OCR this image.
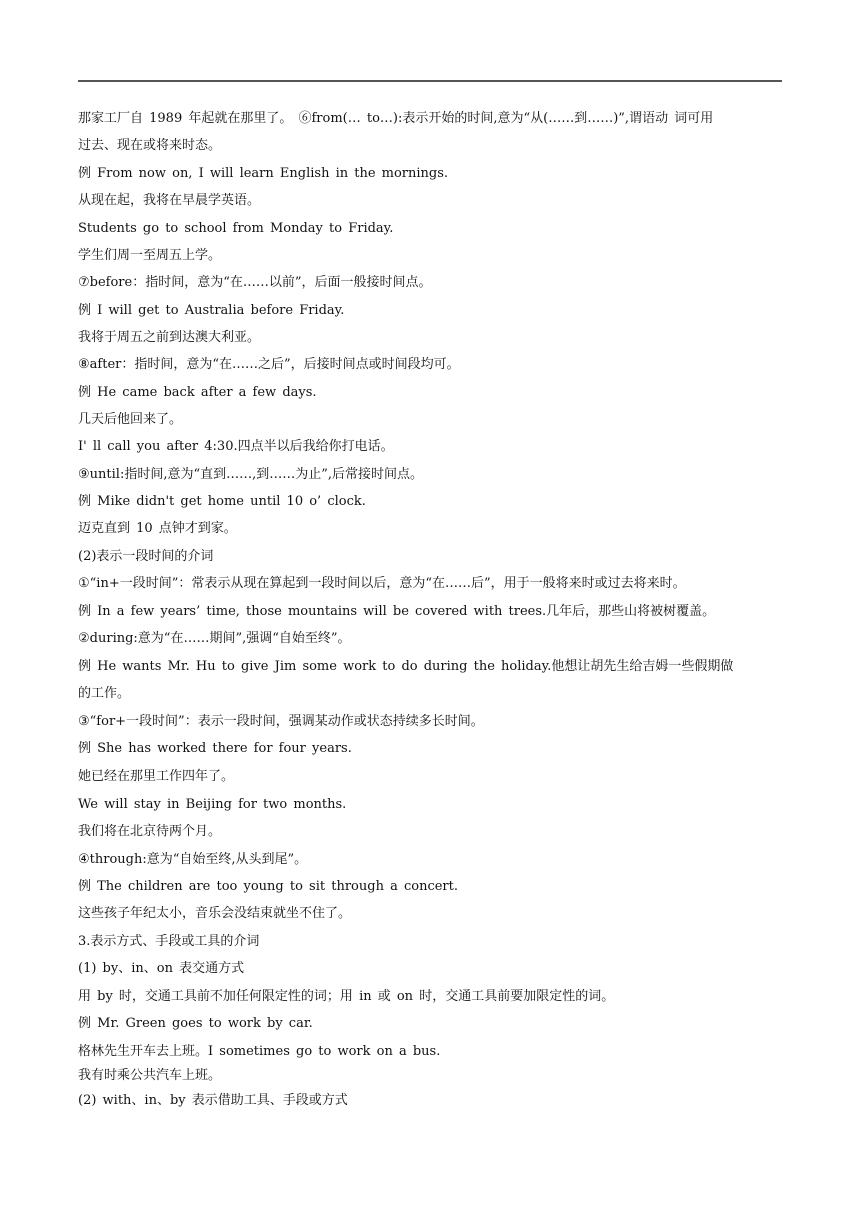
那家工厂自 1989 年起就在那里了。 ⑥from(… to…):表示开始的时间,意为“从(……到……)”,谓语动 词可用
过去、现在或将来时态。
例 From now on, I will learn English in the mornings.
从现在起，我将在早晨学英语。
Students go to school from Monday to Friday.
学生们周一至周五上学。
⑦before：指时间，意为“在……以前”，后面一般接时间点。
例 I will get to Australia before Friday.
我将于周五之前到达澳大利亚。
⑧after：指时间，意为“在……之后”，后接时间点或时间段均可。
例 He came back after a few days.
几天后他回来了。
I' ll call you after 4:30.四点半以后我给你打电话。
⑨until:指时间,意为“直到……,到……为止”,后常接时间点。
例 Mike didn't get home until 10 o’ clock.
迈克直到 10 点钟才到家。
(2)表示一段时间的介词
①“in+一段时间”：常表示从现在算起到一段时间以后，意为“在……后”，用于一般将来时或过去将来时。
例 In a few years’ time, those mountains will be covered with trees.几年后，那些山将被树覆盖。
②during:意为“在……期间”,强调“自始至终”。
例 He wants Mr. Hu to give Jim some work to do during the holiday.他想让胡先生给吉姆一些假期做
的工作。
③“for+一段时间”：表示一段时间，强调某动作或状态持续多长时间。
例 She has worked there for four years.
她已经在那里工作四年了。
We will stay in Beijing for two months.
我们将在北京待两个月。
④through:意为“自始至终,从头到尾”。
例 The children are too young to sit through a concert.
这些孩子年纪太小，音乐会没结束就坐不住了。
3.表示方式、手段或工具的介词
(1) by、in、on 表交通方式
用 by 时，交通工具前不加任何限定性的词；用 in 或 on 时，交通工具前要加限定性的词。
例 Mr. Green goes to work by car.
格林先生开车去上班。I sometimes go to work on a bus.
我有时乘公共汽车上班。
(2) with、in、by 表示借助工具、手段或方式
